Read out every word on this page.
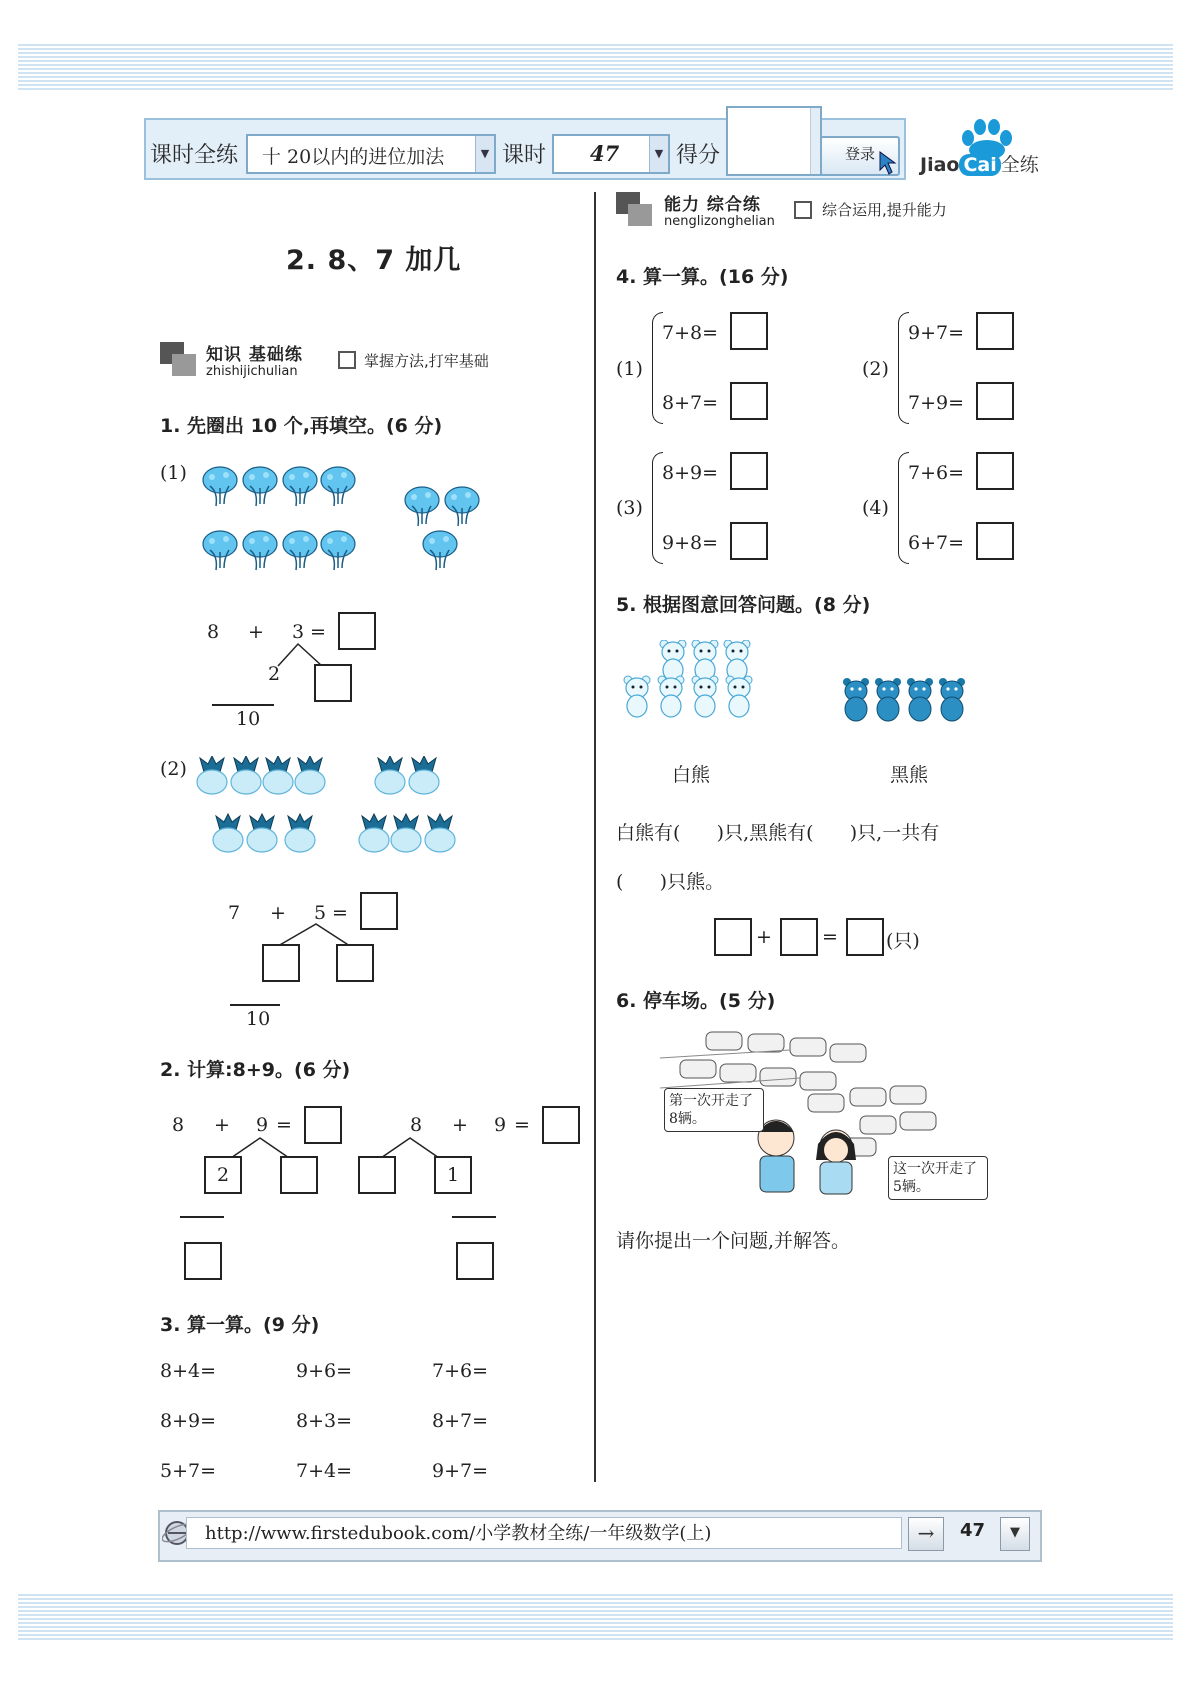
课时全练 十 20以内的进位加法	▼ 课时 47	▼ 得分	登录	Jiao Cai 全练
2. 8、7 加几
知识 基础练
zhishijichulian
掌握方法,打牢基础
1. 先圈出 10 个,再填空。(6 分)
(1)
8 + 3 =
2
10
(2)
7 + 5 =
10
2. 计算:8+9。(6 分)
8 + 9 =
2
8 + 9 =
1
3. 算一算。(9 分)
8+4=	9+6=	7+6=
8+9=	8+3=	8+7=
5+7=	7+4=	9+7=
能力 综合练
nenglizonghelian
综合运用,提升能力
4. 算一算。(16 分)
(1)
7+8=
8+7=
(2)
9+7=
7+9=
(3)
8+9=
9+8=
(4)
7+6=
6+7=
5. 根据图意回答问题。(8 分)
白熊	黑熊
白熊有(      )只,黑熊有(      )只,一共有
(      )只熊。
+	=	(只)
6. 停车场。(5 分)
第一次开走了8辆。
这一次开走了5辆。
请你提出一个问题,并解答。
http://www.firstedubook.com/小学教材全练/一年级数学(上)	→	47	▼
